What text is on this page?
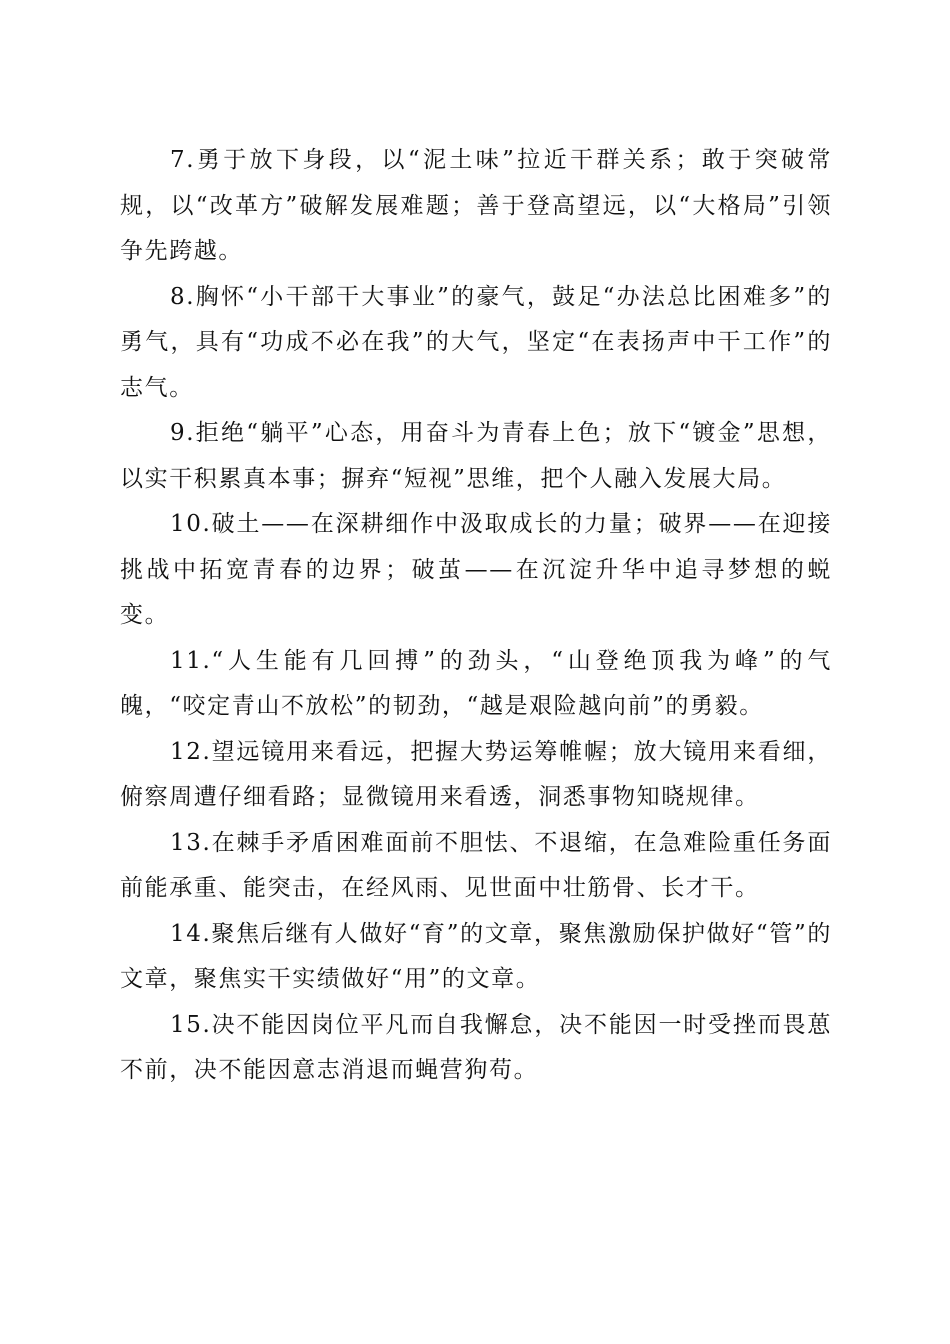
7.勇于放下身段，以“泥土味”拉近干群关系；敢于突破常规，以“改革方”破解发展难题；善于登高望远，以“大格局”引领争先跨越。

8.胸怀“小干部干大事业”的豪气，鼓足“办法总比困难多”的勇气，具有“功成不必在我”的大气，坚定“在表扬声中干工作”的志气。

9.拒绝“躺平”心态，用奋斗为青春上色；放下“镀金”思想，以实干积累真本事；摒弃“短视”思维，把个人融入发展大局。

10.破土——在深耕细作中汲取成长的力量；破界——在迎接挑战中拓宽青春的边界；破茧——在沉淀升华中追寻梦想的蜕变。

11.“人生能有几回搏”的劲头，“山登绝顶我为峰”的气魄，“咬定青山不放松”的韧劲，“越是艰险越向前”的勇毅。

12.望远镜用来看远，把握大势运筹帷幄；放大镜用来看细，俯察周遭仔细看路；显微镜用来看透，洞悉事物知晓规律。

13.在棘手矛盾困难面前不胆怯、不退缩，在急难险重任务面前能承重、能突击，在经风雨、见世面中壮筋骨、长才干。

14.聚焦后继有人做好“育”的文章，聚焦激励保护做好“管”的文章，聚焦实干实绩做好“用”的文章。

15.决不能因岗位平凡而自我懈怠，决不能因一时受挫而畏葸不前，决不能因意志消退而蝇营狗苟。
